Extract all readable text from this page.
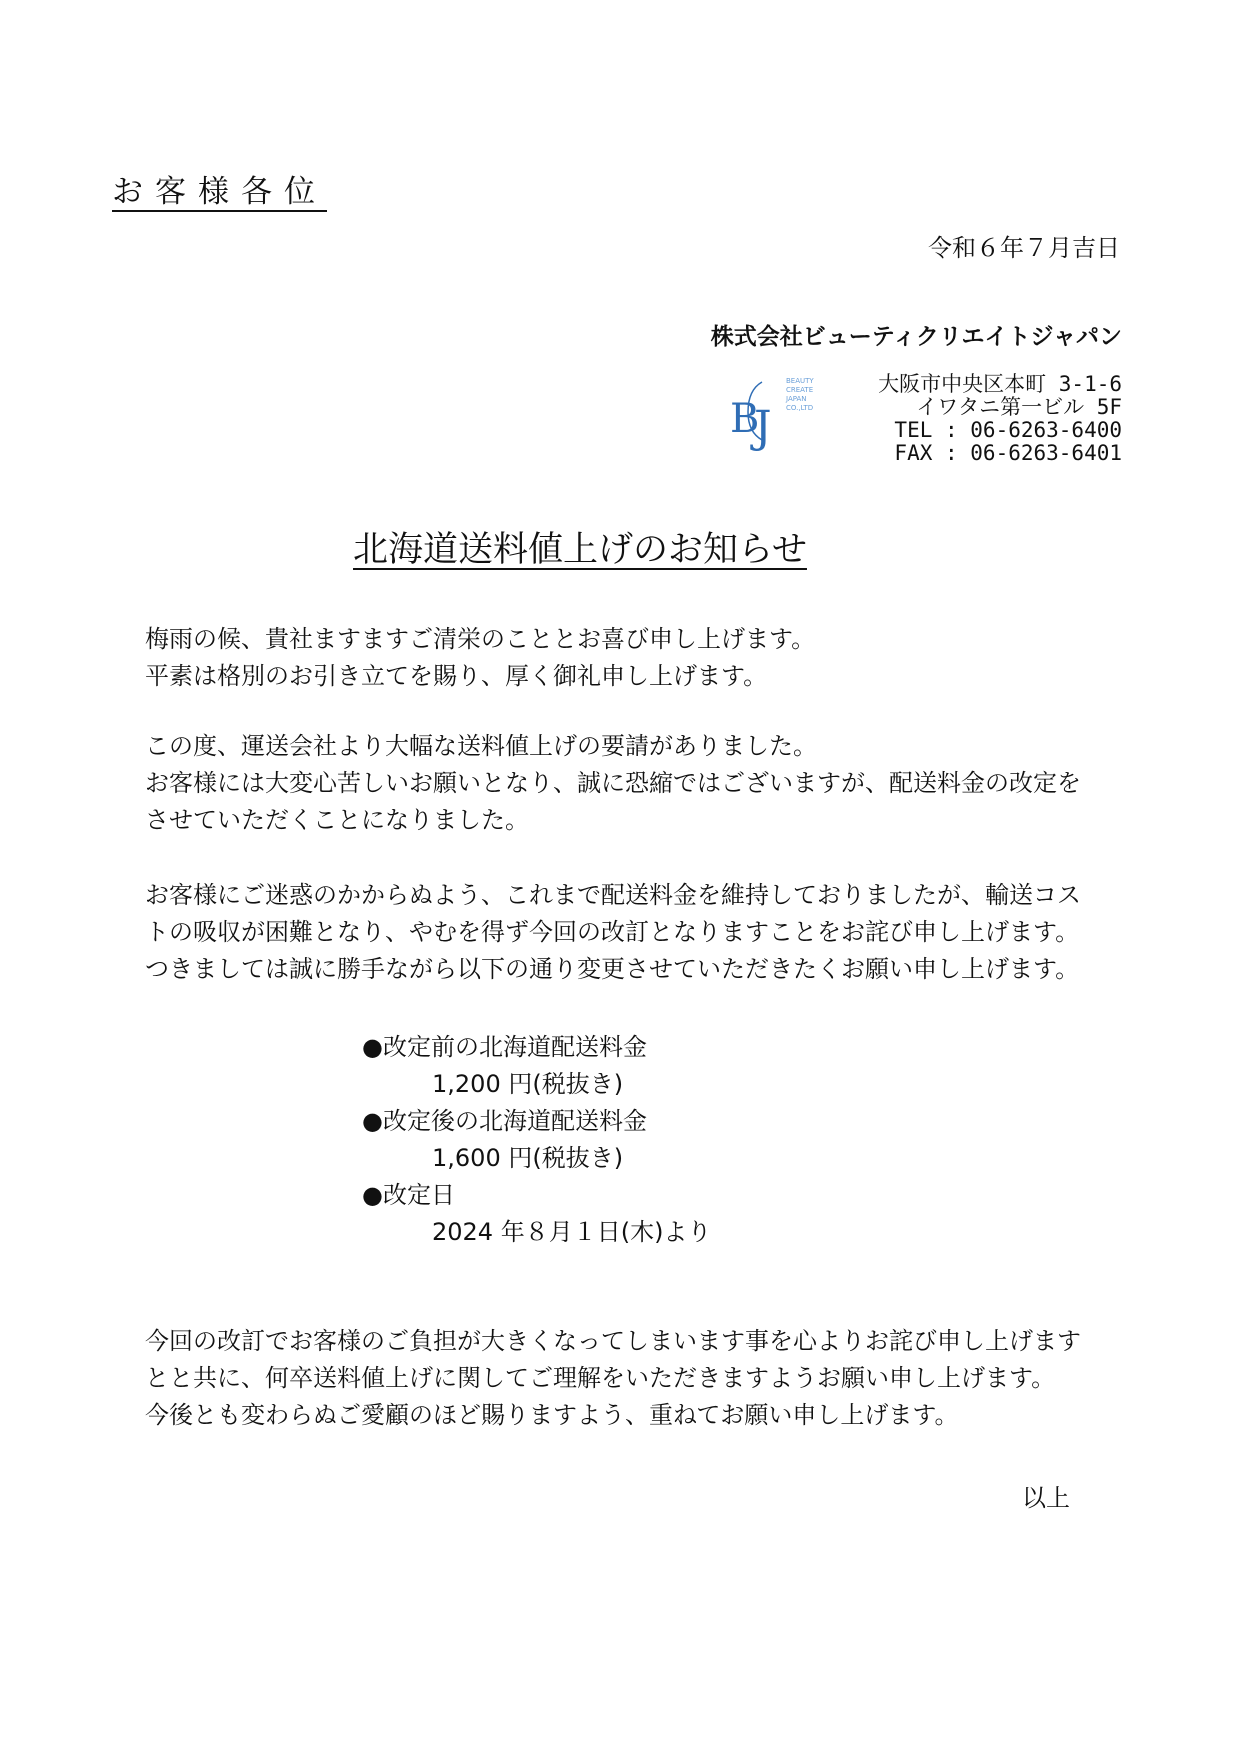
お客様各位
令和６年７月吉日
株式会社ビューティクリエイトジャパン
B
J
BEAUTY
CREATE
JAPAN
CO.,LTD
大阪市中央区本町 3-1-6
イワタニ第一ビル 5F
TEL : 06-6263-6400
FAX : 06-6263-6401
北海道送料値上げのお知らせ
梅雨の候、貴社ますますご清栄のこととお喜び申し上げます。
平素は格別のお引き立てを賜り、厚く御礼申し上げます。
この度、運送会社より大幅な送料値上げの要請がありました。
お客様には大変心苦しいお願いとなり、誠に恐縮ではございますが、配送料金の改定を
させていただくことになりました。
お客様にご迷惑のかからぬよう、これまで配送料金を維持しておりましたが、輸送コス
トの吸収が困難となり、やむを得ず今回の改訂となりますことをお詫び申し上げます。
つきましては誠に勝手ながら以下の通り変更させていただきたくお願い申し上げます。
●改定前の北海道配送料金
1,200 円(税抜き)
●改定後の北海道配送料金
1,600 円(税抜き)
●改定日
2024 年８月１日(木)より
今回の改訂でお客様のご負担が大きくなってしまいます事を心よりお詫び申し上げます
とと共に、何卒送料値上げに関してご理解をいただきますようお願い申し上げます。
今後とも変わらぬご愛顧のほど賜りますよう、重ねてお願い申し上げます。
以上
